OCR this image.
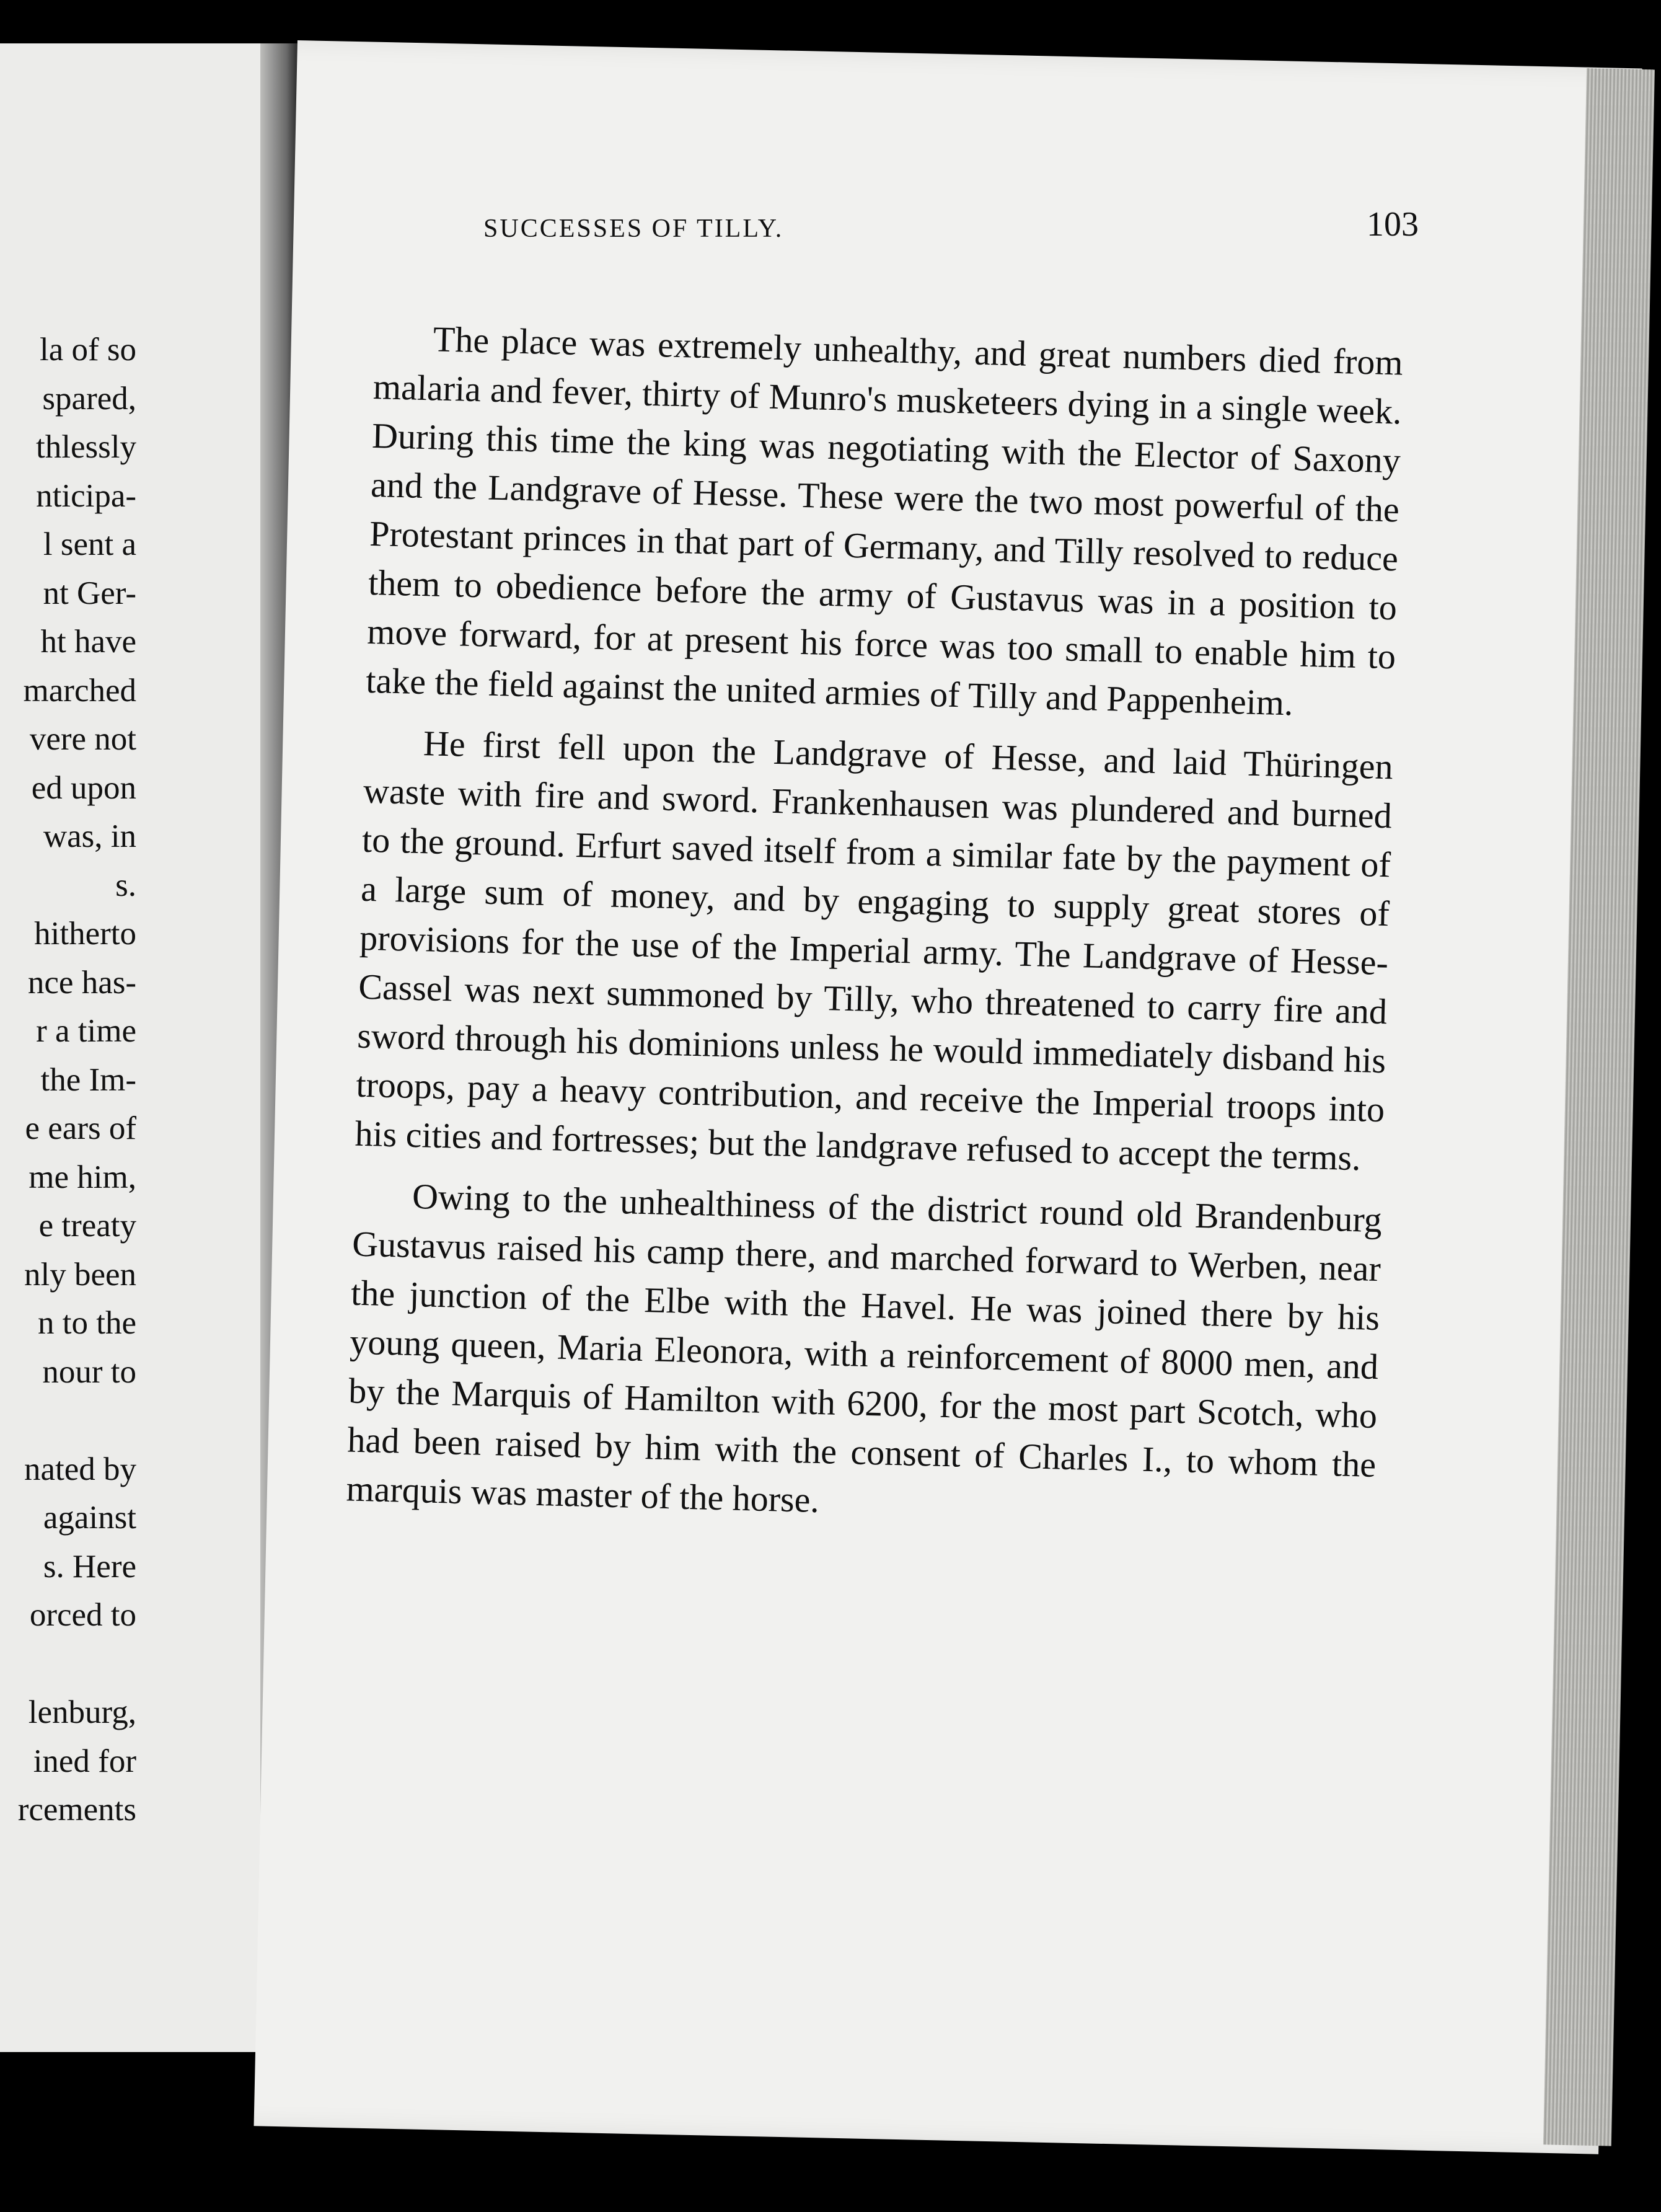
la of so
spared,
thlessly
nticipa-
l sent a
nt Ger-
ht have
marched
vere not
ed upon
was, in
s.
hitherto
nce has-
r a time
the Im-
e ears of
me him,
e treaty
nly been
n to the
nour to
nated by
against
s. Here
orced to
lenburg,
ined for
rcements
SUCCESSES OF TILLY.	103

The place was extremely unhealthy, and great numbers died from malaria and fever, thirty of Munro's musketeers dying in a single week. During this time the king was negotiating with the Elector of Saxony and the Landgrave of Hesse. These were the two most powerful of the Protestant princes in that part of Germany, and Tilly resolved to reduce them to obedience before the army of Gustavus was in a position to move forward, for at present his force was too small to enable him to take the field against the united armies of Tilly and Pappenheim.

He first fell upon the Landgrave of Hesse, and laid Thüringen waste with fire and sword. Frankenhausen was plundered and burned to the ground. Erfurt saved itself from a similar fate by the payment of a large sum of money, and by engaging to supply great stores of provisions for the use of the Imperial army. The Landgrave of Hesse-Cassel was next summoned by Tilly, who threatened to carry fire and sword through his dominions unless he would immediately disband his troops, pay a heavy contribution, and receive the Imperial troops into his cities and fortresses; but the landgrave refused to accept the terms.

Owing to the unhealthiness of the district round old Brandenburg Gustavus raised his camp there, and marched forward to Werben, near the junction of the Elbe with the Havel. He was joined there by his young queen, Maria Eleonora, with a reinforcement of 8000 men, and by the Marquis of Hamilton with 6200, for the most part Scotch, who had been raised by him with the consent of Charles I., to whom the marquis was master of the horse.
